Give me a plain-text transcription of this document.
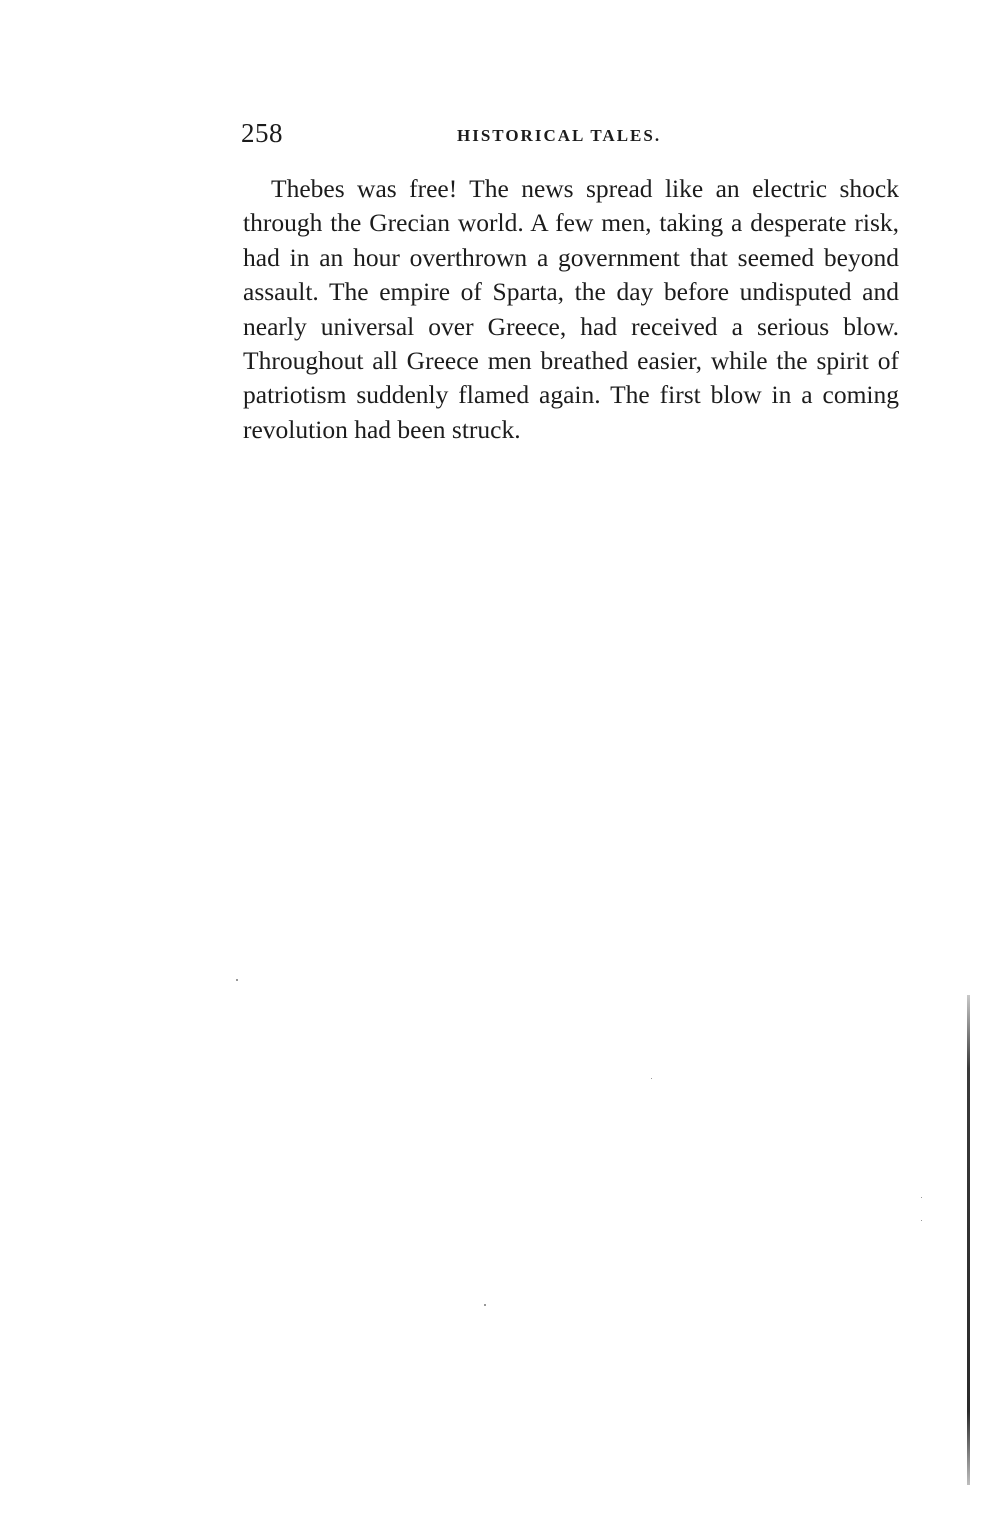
258	HISTORICAL TALES.

Thebes was free! The news spread like an electric shock through the Grecian world. A few men, taking a desperate risk, had in an hour overthrown a government that seemed beyond assault. The empire of Sparta, the day before undisputed and nearly universal over Greece, had received a serious blow. Throughout all Greece men breathed easier, while the spirit of patriotism suddenly flamed again. The first blow in a coming revolution had been struck.
